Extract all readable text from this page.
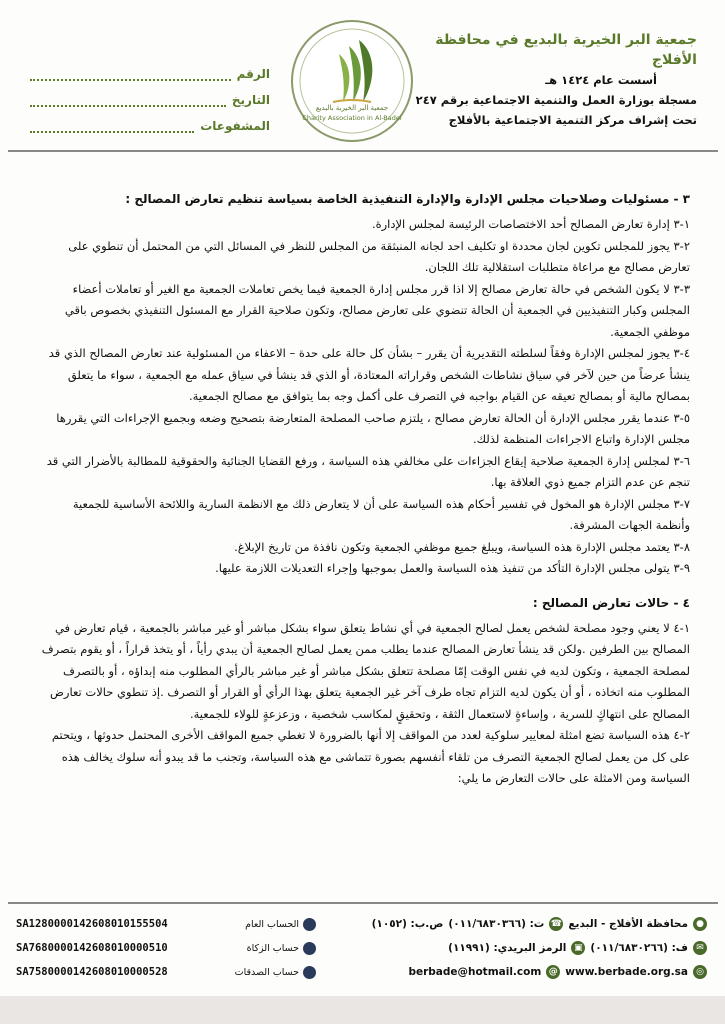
جمعية البر الخيرية بالبديع في محافظة الأفلاج
أسست عام ١٤٢٤ هـ
مسجلة بوزارة العمل والتنمية الاجتماعية برقم ٢٤٧
تحت إشراف مركز التنمية الاجتماعية بالأفلاج
جمعية البر الخيرية بالبديع
Charity Association in Al-Badei
الرقم
التاريخ
المشفوعات
٣ - مسئوليات وصلاحيات مجلس الإدارة والإدارة التنفيذية الخاصة بسياسة تنظيم تعارض المصالح :

١-٣ إدارة تعارض المصالح أحد الاختصاصات الرئيسة لمجلس الإدارة.

٢-٣ يجوز للمجلس تكوين لجان محددة او تكليف احد لجانه المنبثقة من المجلس للنظر في المسائل التي من المحتمل أن تنطوي على تعارض مصالح مع مراعاة متطلبات استقلالية تلك اللجان.

٣-٣ لا يكون الشخص في حالة تعارض مصالح إلا اذا قرر مجلس إدارة الجمعية فيما يخص تعاملات الجمعية مع الغير أو تعاملات أعضاء المجلس وكبار التنفيذيين في الجمعية أن الحالة تنضوي على تعارض مصالح، وتكون صلاحية القرار مع المسئول التنفيذي بخصوص باقي موظفي الجمعية.

٤-٣ يجوز لمجلس الإدارة وفقاً لسلطته التقديرية أن يقرر – بشأن كل حالة على حدة – الاعفاء من المسئولية عند تعارض المصالح الذي قد ينشأ عرضاً من حين لآخر في سياق نشاطات الشخص وقراراته المعتادة، أو الذي قد ينشأ في سياق عمله مع الجمعية ، سواء ما يتعلق بمصالح مالية أو بمصالح تعيقه عن القيام بواجبه في التصرف على أكمل وجه بما يتوافق مع مصالح الجمعية.

٥-٣ عندما يقرر مجلس الإدارة أن الحالة تعارض مصالح ، يلتزم صاحب المصلحة المتعارضة بتصحيح وضعه وبجميع الإجراءات التي يقررها مجلس الإدارة واتباع الاجراءات المنظمة لذلك.

٦-٣ لمجلس إدارة الجمعية صلاحية إيقاع الجزاءات على مخالفي هذه السياسة ، ورفع القضايا الجنائية والحقوقية للمطالبة بالأضرار التي قد تنجم عن عدم التزام جميع ذوي العلاقة بها.

٧-٣ مجلس الإدارة هو المخول في تفسير أحكام هذه السياسة على أن لا يتعارض ذلك مع الانظمة السارية واللائحة الأساسية للجمعية وأنظمة الجهات المشرفة.

٨-٣ يعتمد مجلس الإدارة هذه السياسة، ويبلغ جميع موظفي الجمعية وتكون نافذة من تاريخ الإبلاغ.

٩-٣ يتولى مجلس الإدارة التأكد من تنفيذ هذه السياسة والعمل بموجبها وإجراء التعديلات اللازمة عليها.

٤ - حالات تعارض المصالح :

١-٤ لا يعني وجود مصلحة لشخص يعمل لصالح الجمعية في أي نشاط يتعلق سواء بشكل مباشر أو غير مباشر بالجمعية ، قيام تعارض في المصالح بين الطرفين .ولكن قد ينشأ تعارض المصالح عندما يطلب ممن يعمل لصالح الجمعية أن يبدي رأياً ، أو يتخذ قراراً ، أو يقوم بتصرف لمصلحة الجمعية ، وتكون لديه في نفس الوقت إمّا مصلحة تتعلق بشكل مباشر أو غير مباشر بالرأي المطلوب منه إبداؤه ، أو بالتصرف المطلوب منه اتخاذه ، أو أن يكون لديه التزام تجاه طرف آخر غير الجمعية يتعلق بهذا الرأي أو القرار أو التصرف .إذ تنطوي حالات تعارض المصالح على انتهاكٍ للسرية ، وإساءةٍ لاستعمال الثقة ، وتحقيقٍ لمكاسب شخصية ، وزعزعةٍ للولاء للجمعية.

٢-٤ هذه السياسة تضع امثلة لمعايير سلوكية لعدد من المواقف إلا أنها بالضرورة لا تغطي جميع المواقف الأخرى المحتمل حدوثها ، ويتحتم على كل من يعمل لصالح الجمعية التصرف من تلقاء أنفسهم بصورة تتماشى مع هذه السياسة، وتجنب ما قد يبدو أنه سلوك يخالف هذه السياسة ومن الامثلة على حالات التعارض ما يلي:

●
محافظة الأفلاج - البديع
☎
ت: (٠١١/٦٨٣٠٣٦٦)
ص.ب: (١٠٥٢)
✉
ف: (٠١١/٦٨٣٠٢٦٦)
▣
الرمز البريدي: (١١٩٩١)
◎
www.berbade.org.sa
@
berbade@hotmail.com
SA1280000142608010155504	الحساب العام
SA7680000142608010000510	حساب الزكاة
SA7580000142608010000528	حساب الصدقات
